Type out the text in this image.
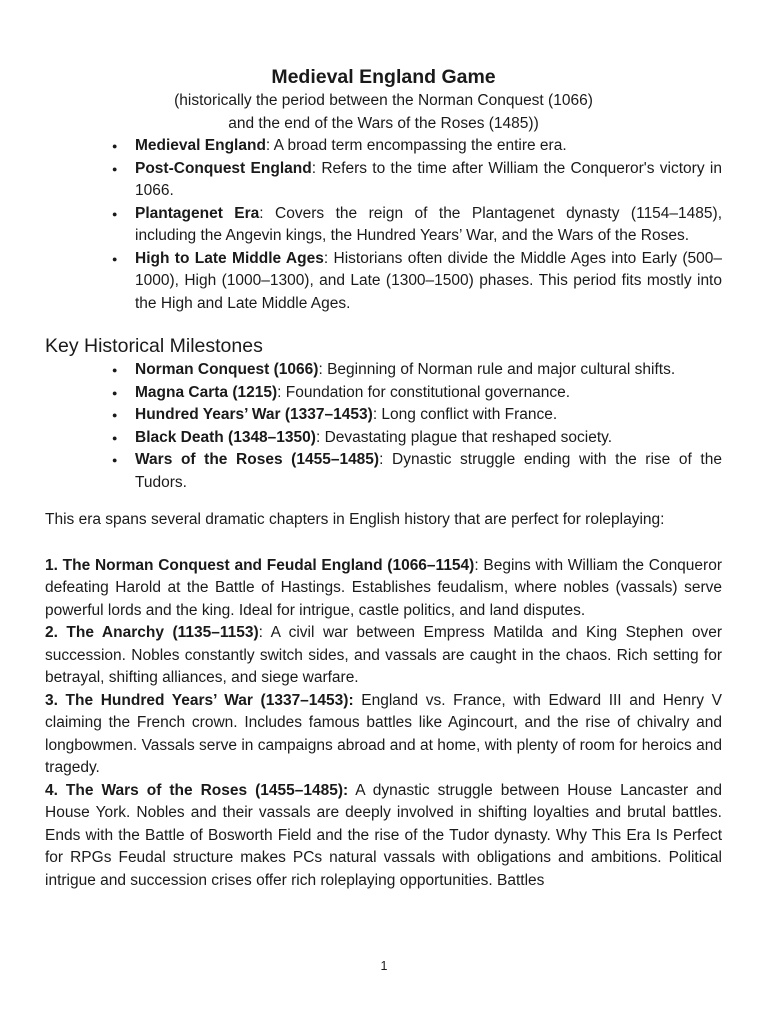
Medieval England Game

(historically the period between the Norman Conquest (1066)

and the end of the Wars of the Roses (1485))

● Medieval England: A broad term encompassing the entire era.
● Post-Conquest England: Refers to the time after William the Conqueror's victory in 1066.
● Plantagenet Era: Covers the reign of the Plantagenet dynasty (1154–1485), including the Angevin kings, the Hundred Years’ War, and the Wars of the Roses.
● High to Late Middle Ages: Historians often divide the Middle Ages into Early (500–1000), High (1000–1300), and Late (1300–1500) phases. This period fits mostly into the High and Late Middle Ages.
Key Historical Milestones
● Norman Conquest (1066): Beginning of Norman rule and major cultural shifts.
● Magna Carta (1215): Foundation for constitutional governance.
● Hundred Years’ War (1337–1453): Long conflict with France.
● Black Death (1348–1350): Devastating plague that reshaped society.
● Wars of the Roses (1455–1485): Dynastic struggle ending with the rise of the Tudors.

This era spans several dramatic chapters in English history that are perfect for roleplaying:

1. The Norman Conquest and Feudal England (1066–1154): Begins with William the Conqueror defeating Harold at the Battle of Hastings. Establishes feudalism, where nobles (vassals) serve powerful lords and the king. Ideal for intrigue, castle politics, and land disputes.

2. The Anarchy (1135–1153): A civil war between Empress Matilda and King Stephen over succession. Nobles constantly switch sides, and vassals are caught in the chaos. Rich setting for betrayal, shifting alliances, and siege warfare.

3. The Hundred Years’ War (1337–1453): England vs. France, with Edward III and Henry V claiming the French crown. Includes famous battles like Agincourt, and the rise of chivalry and longbowmen. Vassals serve in campaigns abroad and at home, with plenty of room for heroics and tragedy.

4. The Wars of the Roses (1455–1485): A dynastic struggle between House Lancaster and House York. Nobles and their vassals are deeply involved in shifting loyalties and brutal battles. Ends with the Battle of Bosworth Field and the rise of the Tudor dynasty. Why This Era Is Perfect for RPGs Feudal structure makes PCs natural vassals with obligations and ambitions. Political intrigue and succession crises offer rich roleplaying opportunities. Battles

1
